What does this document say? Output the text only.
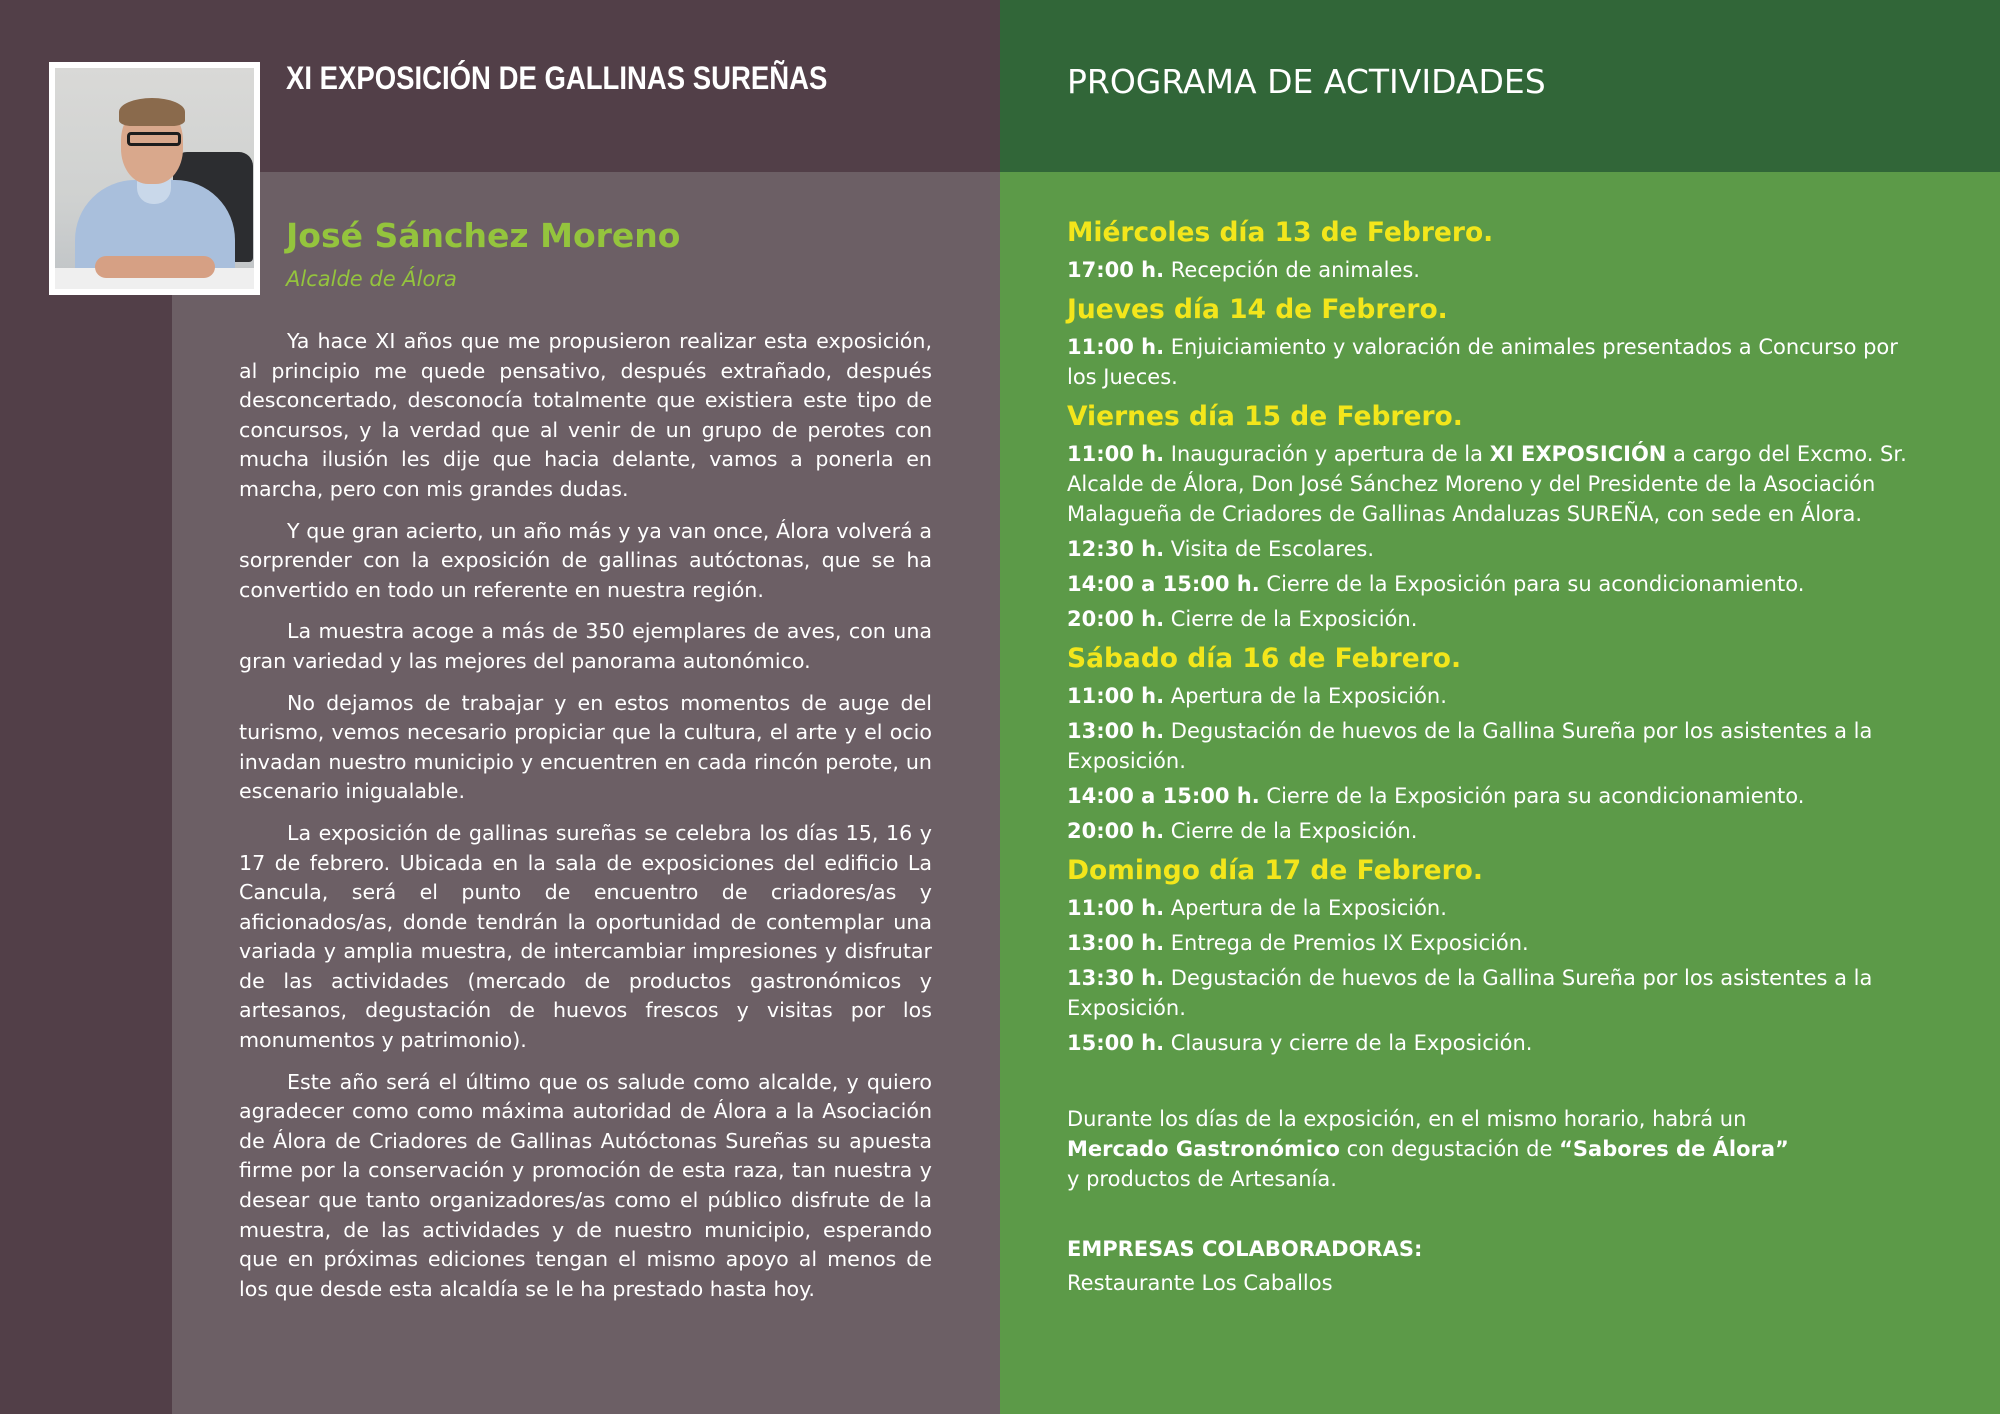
XI EXPOSICIÓN DE GALLINAS SUREÑAS
José Sánchez Moreno
Alcalde de Álora

Ya hace XI años que me propusieron realizar esta exposición, al principio me quede pensativo, después extrañado, después desconcertado, desconocía totalmente que existiera este tipo de concursos, y la verdad que al venir de un grupo de perotes con mucha ilusión les dije que hacia delante, vamos a ponerla en marcha, pero con mis grandes dudas.

Y que gran acierto, un año más y ya van once, Álora volverá a sorprender con la exposición de gallinas autóctonas, que se ha convertido en todo un referente en nuestra región.

La muestra acoge a más de 350 ejemplares de aves, con una gran variedad y las mejores del panorama autonómico.

No dejamos de trabajar y en estos momentos de auge del turismo, vemos necesario propiciar que la cultura, el arte y el ocio invadan nuestro municipio y encuentren en cada rincón perote, un escenario inigualable.

La exposición de gallinas sureñas se celebra los días 15, 16 y 17 de febrero. Ubicada en la sala de exposiciones del edificio La Cancula, será el punto de encuentro de criadores/as y aficionados/as, donde tendrán la oportunidad de contemplar una variada y amplia muestra, de intercambiar impresiones y disfrutar de las actividades (mercado de productos gastronómicos y artesanos, degustación de huevos frescos y visitas por los monumentos y patrimonio).

Este año será el último que os salude como alcalde, y quiero agradecer como como máxima autoridad de Álora a la Asociación de Álora de Criadores de Gallinas Autóctonas Sureñas su apuesta firme por la conservación y promoción de esta raza, tan nuestra y desear que tanto organizadores/as como el público disfrute de la muestra, de las actividades y de nuestro municipio, esperando que en próximas ediciones tengan el mismo apoyo al menos de los que desde esta alcaldía se le ha prestado hasta hoy.

PROGRAMA DE ACTIVIDADES
Miércoles día 13 de Febrero.
17:00 h. Recepción de animales.
Jueves día 14 de Febrero.
11:00 h. Enjuiciamiento y valoración de animales presentados a Concurso por los Jueces.
Viernes día 15 de Febrero.
11:00 h. Inauguración y apertura de la XI EXPOSICIÓN a cargo del Excmo. Sr. Alcalde de Álora, Don José Sánchez Moreno y del Presidente de la Asociación Malagueña de Criadores de Gallinas Andaluzas SUREÑA, con sede en Álora.
12:30 h. Visita de Escolares.
14:00 a 15:00 h. Cierre de la Exposición para su acondicionamiento.
20:00 h. Cierre de la Exposición.
Sábado día 16 de Febrero.
11:00 h. Apertura de la Exposición.
13:00 h. Degustación de huevos de la Gallina Sureña por los asistentes a la Exposición.
14:00 a 15:00 h. Cierre de la Exposición para su acondicionamiento.
20:00 h. Cierre de la Exposición.
Domingo día 17 de Febrero.
11:00 h. Apertura de la Exposición.
13:00 h. Entrega de Premios IX Exposición.
13:30 h. Degustación de huevos de la Gallina Sureña por los asistentes a la Exposición.
15:00 h. Clausura y cierre de la Exposición.
Durante los días de la exposición, en el mismo horario, habrá un
Mercado Gastronómico con degustación de “Sabores de Álora”
y productos de Artesanía.
EMPRESAS COLABORADORAS:
Restaurante Los Caballos
